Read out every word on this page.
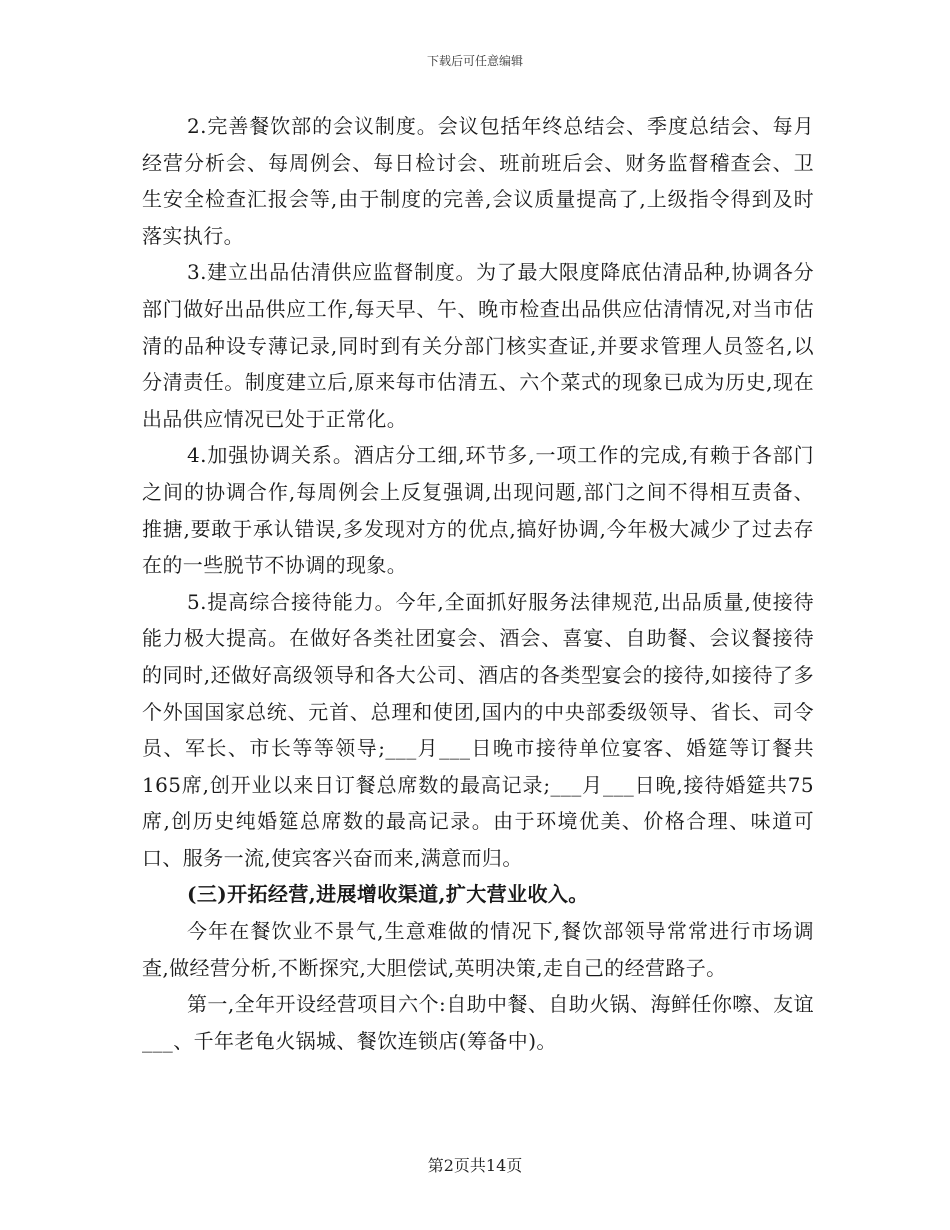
下载后可任意编辑

2.完善餐饮部的会议制度。会议包括年终总结会、季度总结会、每月经营分析会、每周例会、每日检讨会、班前班后会、财务监督稽查会、卫生安全检查汇报会等,由于制度的完善,会议质量提高了,上级指令得到及时落实执行。

3.建立出品估清供应监督制度。为了最大限度降底估清品种,协调各分部门做好出品供应工作,每天早、午、晚市检查出品供应估清情况,对当市估清的品种设专薄记录,同时到有关分部门核实查证,并要求管理人员签名,以分清责任。制度建立后,原来每市估清五、六个菜式的现象已成为历史,现在出品供应情况已处于正常化。

4.加强协调关系。酒店分工细,环节多,一项工作的完成,有赖于各部门之间的协调合作,每周例会上反复强调,出现问题,部门之间不得相互责备、推搪,要敢于承认错误,多发现对方的优点,搞好协调,今年极大减少了过去存在的一些脱节不协调的现象。

5.提高综合接待能力。今年,全面抓好服务法律规范,出品质量,使接待能力极大提高。在做好各类社团宴会、酒会、喜宴、自助餐、会议餐接待的同时,还做好高级领导和各大公司、酒店的各类型宴会的接待,如接待了多个外国国家总统、元首、总理和使团,国内的中央部委级领导、省长、司令员、军长、市长等等领导;___月___日晚市接待单位宴客、婚筵等订餐共165席,创开业以来日订餐总席数的最高记录;___月___日晚,接待婚筵共75席,创历史纯婚筵总席数的最高记录。由于环境优美、价格合理、味道可口、服务一流,使宾客兴奋而来,满意而归。

(三)开拓经营,进展增收渠道,扩大营业收入。

今年在餐饮业不景气,生意难做的情况下,餐饮部领导常常进行市场调查,做经营分析,不断探究,大胆偿试,英明决策,走自己的经营路子。

第一,全年开设经营项目六个:自助中餐、自助火锅、海鲜任你嚓、友谊___、千年老龟火锅城、餐饮连锁店(筹备中)。

第2页共14页
